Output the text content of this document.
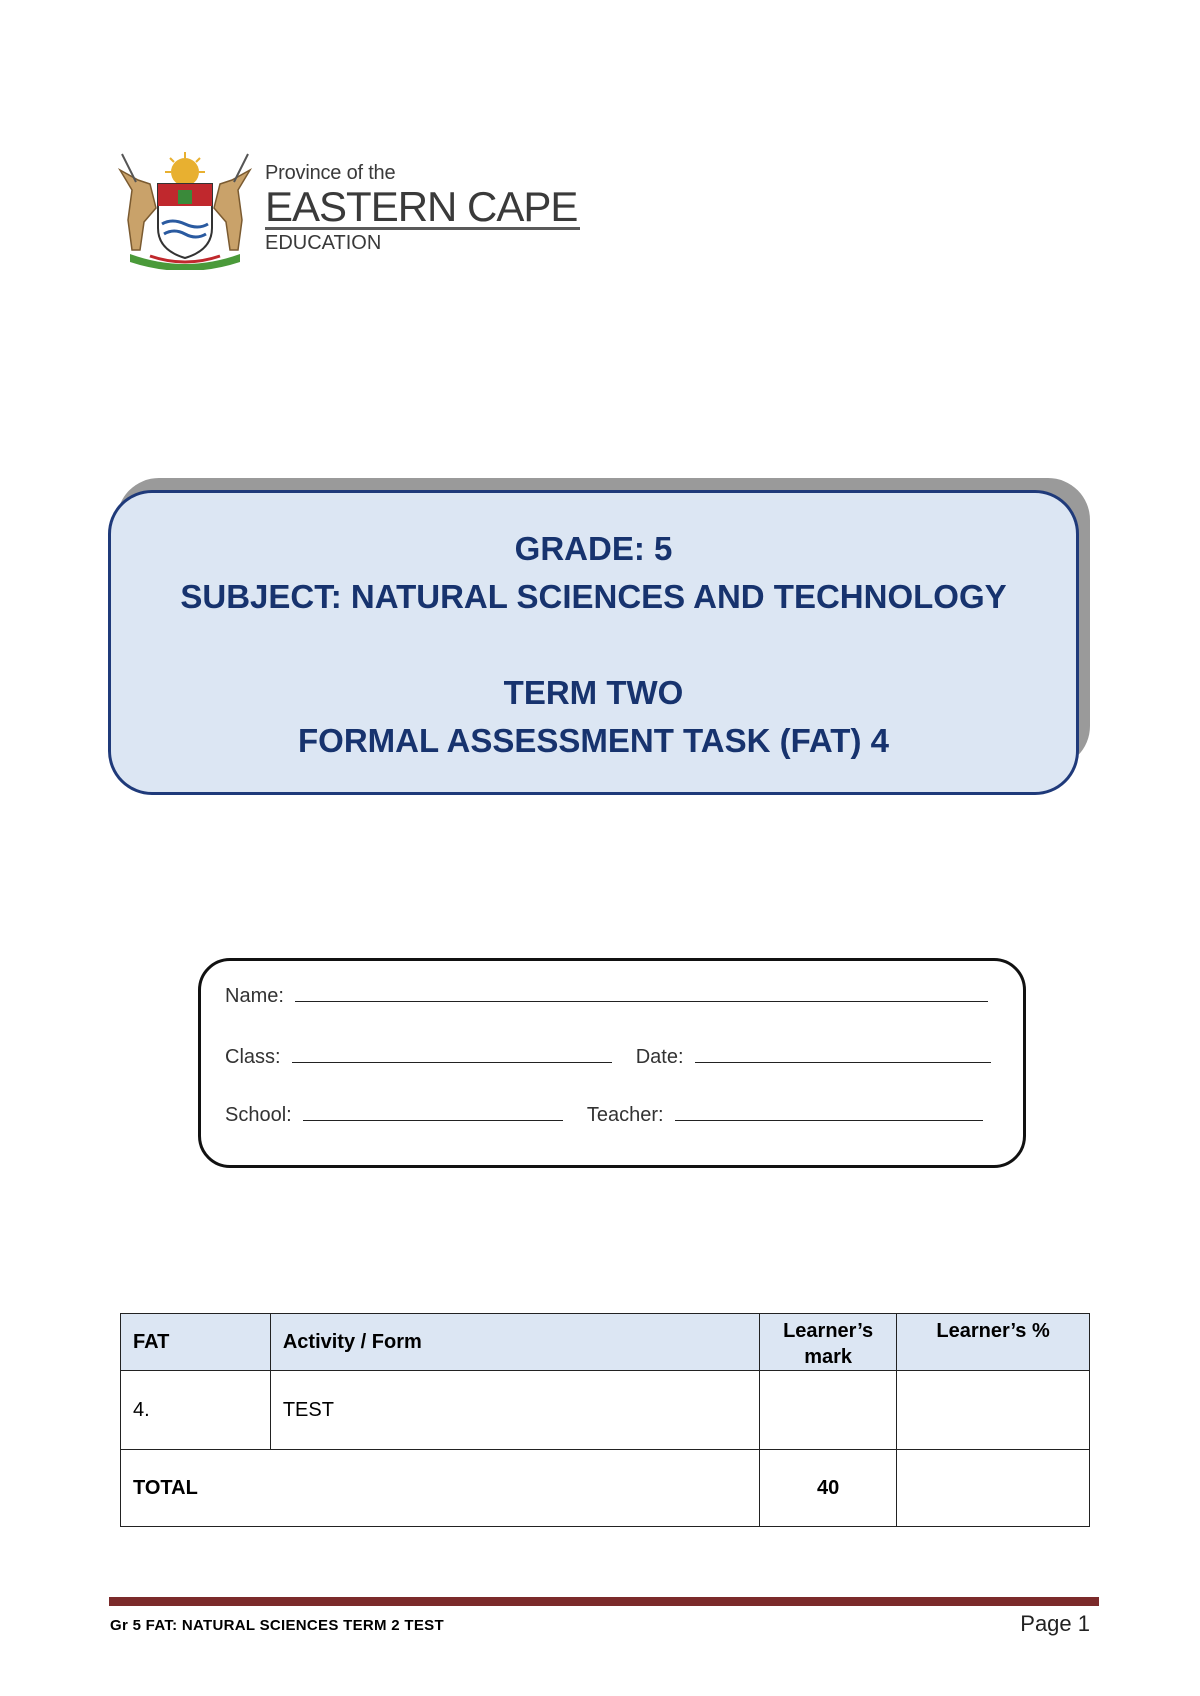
Province of the
EASTERN CAPE
EDUCATION
GRADE: 5
SUBJECT: NATURAL SCIENCES AND TECHNOLOGY
TERM TWO
FORMAL ASSESSMENT TASK (FAT) 4
Name:
Class:	Date:
School:	Teacher:
FAT	Activity / Form	Learner’s mark	Learner’s %
4.	TEST		
TOTAL		40	
Gr 5 FAT: NATURAL SCIENCES TERM 2 TEST	Page 1
